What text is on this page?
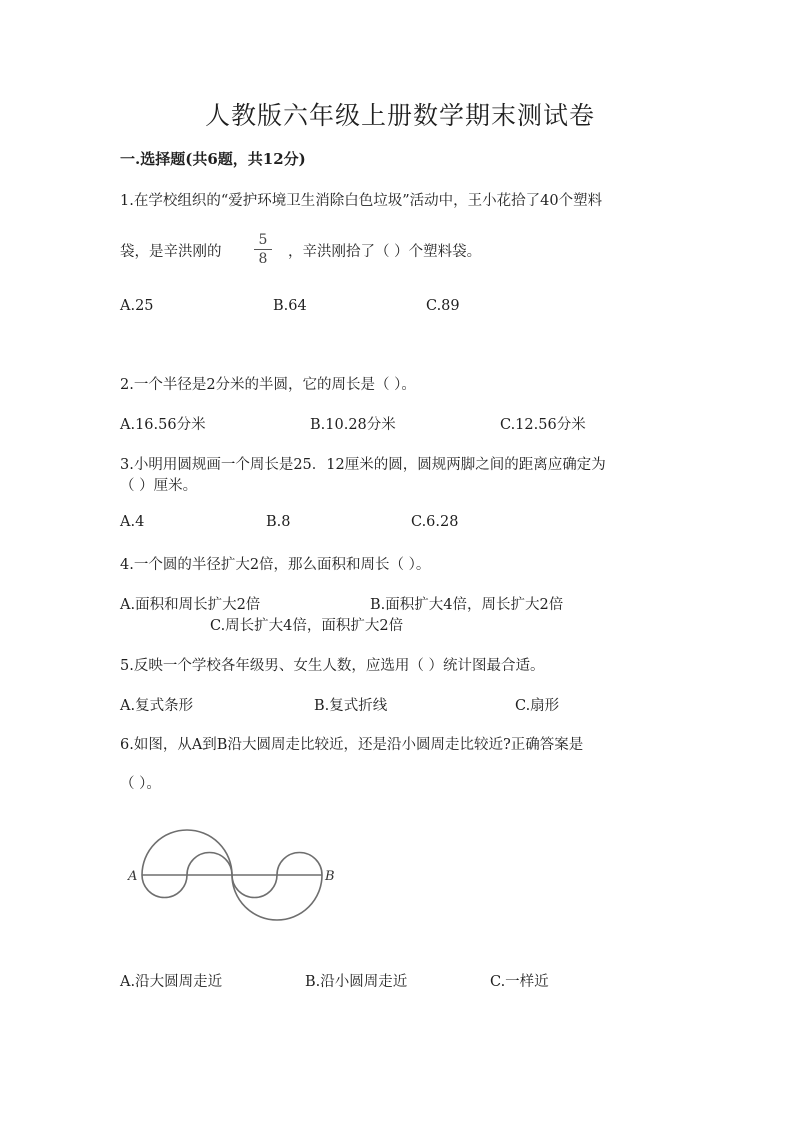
人教版六年级上册数学期末测试卷
一.选择题(共6题，共12分)
1.在学校组织的“爱护环境卫生消除白色垃圾”活动中，王小花拾了40个塑料
袋，是辛洪刚的
5
8	，辛洪刚拾了（ ）个塑料袋。
A.25	B.64	C.89
2.一个半径是2分米的半圆，它的周长是（ ）。
A.16.56分米	B.10.28分米	C.12.56分米
3.小明用圆规画一个周长是25．12厘米的圆，圆规两脚之间的距离应确定为
（ ）厘米。
A.4	B.8	C.6.28
4.一个圆的半径扩大2倍，那么面积和周长（ ）。
A.面积和周长扩大2倍	B.面积扩大4倍，周长扩大2倍
C.周长扩大4倍，面积扩大2倍
5.反映一个学校各年级男、女生人数，应选用（ ）统计图最合适。
A.复式条形	B.复式折线	C.扇形
6.如图，从A到B沿大圆周走比较近，还是沿小圆周走比较近?正确答案是
（ ）。
A	B
A.沿大圆周走近	B.沿小圆周走近	C.一样近
